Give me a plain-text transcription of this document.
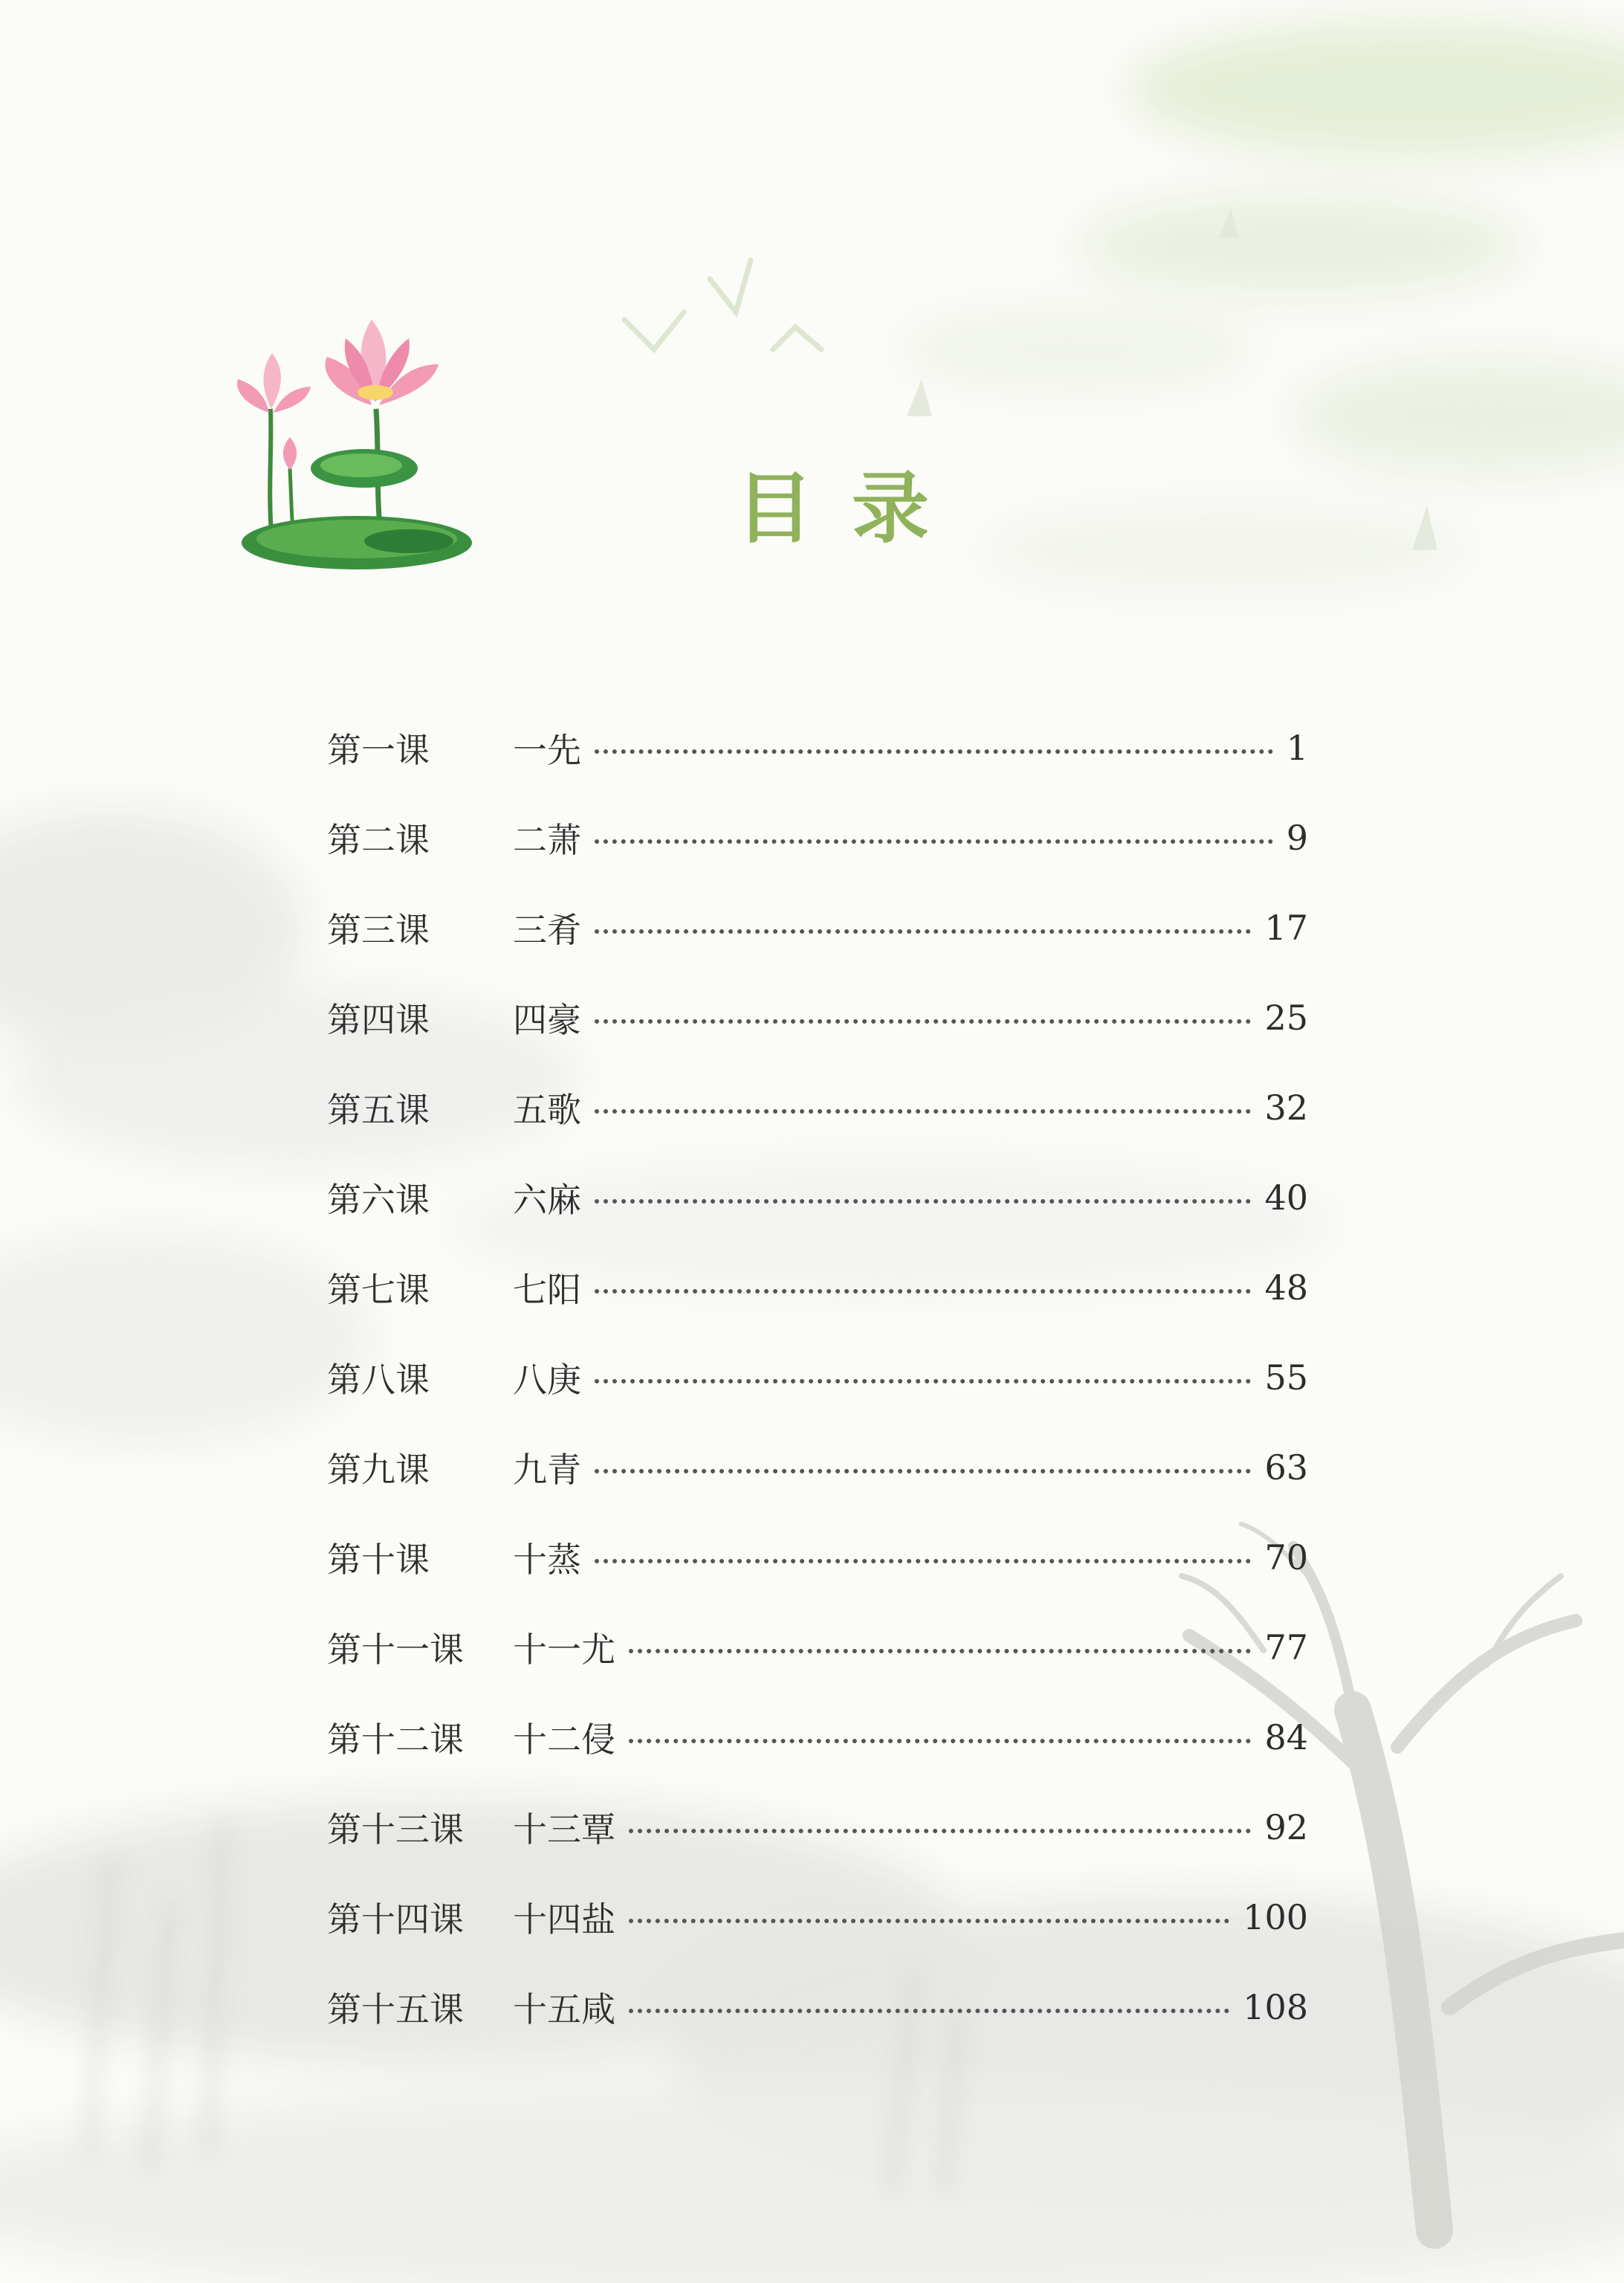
目 录
第一课	一先	1
第二课	二萧	9
第三课	三肴	17
第四课	四豪	25
第五课	五歌	32
第六课	六麻	40
第七课	七阳	48
第八课	八庚	55
第九课	九青	63
第十课	十蒸	70
第十一课	十一尤	77
第十二课	十二侵	84
第十三课	十三覃	92
第十四课	十四盐	100
第十五课	十五咸	108
